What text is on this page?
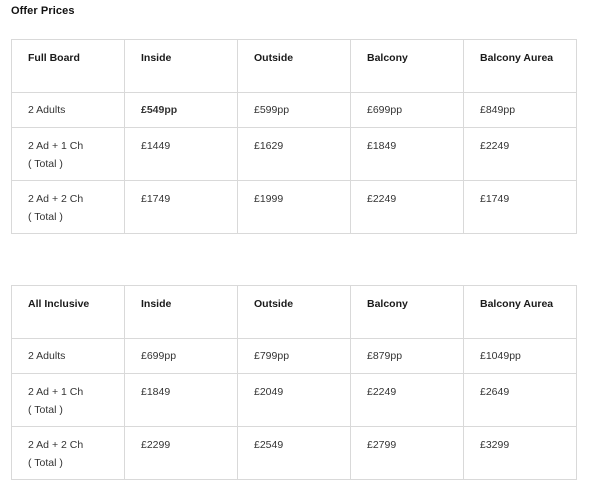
Offer Prices
Full Board	Inside	Outside	Balcony	Balcony Aurea
2 Adults	£549pp	£599pp	£699pp	£849pp

2 Ad + 1 Ch
( Total )	£1449	£1629	£1849	£2249

2 Ad + 2 Ch
( Total )	£1749	£1999	£2249	£1749
All Inclusive	Inside	Outside	Balcony	Balcony Aurea
2 Adults	£699pp	£799pp	£879pp	£1049pp

2 Ad + 1 Ch
( Total )	£1849	£2049	£2249	£2649

2 Ad + 2 Ch
( Total )	£2299	£2549	£2799	£3299
